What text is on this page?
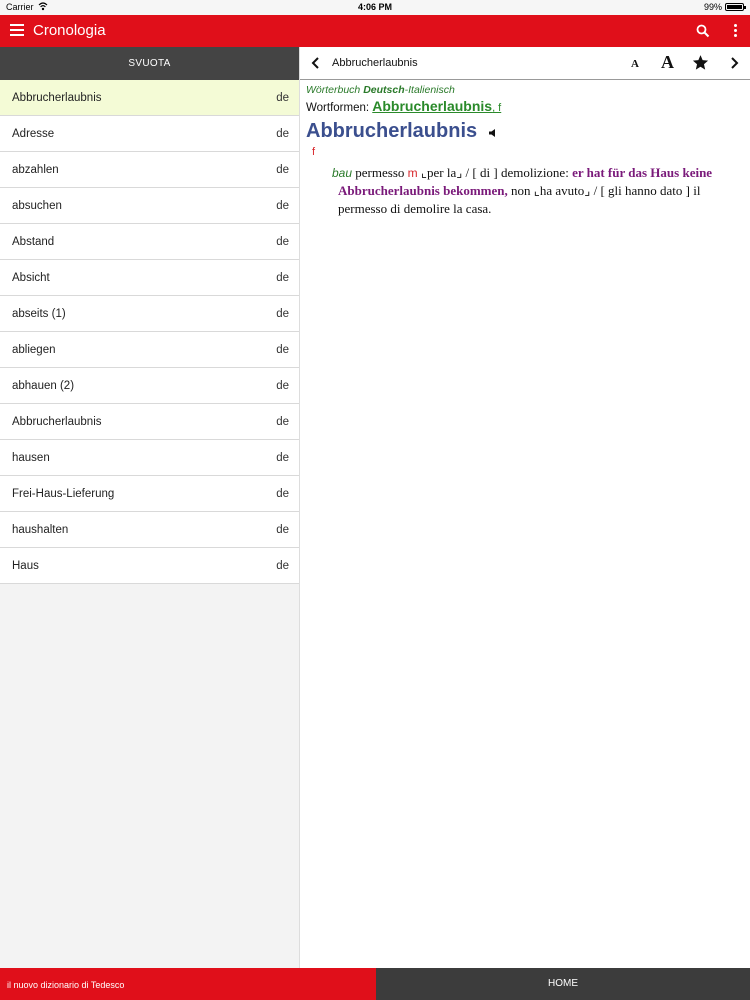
Carrier	4:06 PM	99%
Cronologia
SVUOTA
Abbrucherlaubnis	de
Adresse	de
abzahlen	de
absuchen	de
Abstand	de
Absicht	de
abseits (1)	de
abliegen	de
abhauen (2)	de
Abbrucherlaubnis	de
hausen	de
Frei-Haus-Lieferung	de
haushalten	de
Haus	de
Abbrucherlaubnis	A A
Wörterbuch Deutsch-Italienisch
Wortformen: Abbrucherlaubnis, f
Abbrucherlaubnis
f
bau permesso m ⌞per la⌟ / [ di ] demolizione: er hat für das Haus keine Abbrucherlaubnis bekommen, non ⌞ha avuto⌟ / [ gli hanno dato ] il permesso di demolire la casa.
il nuovo dizionario di Tedesco	HOME
